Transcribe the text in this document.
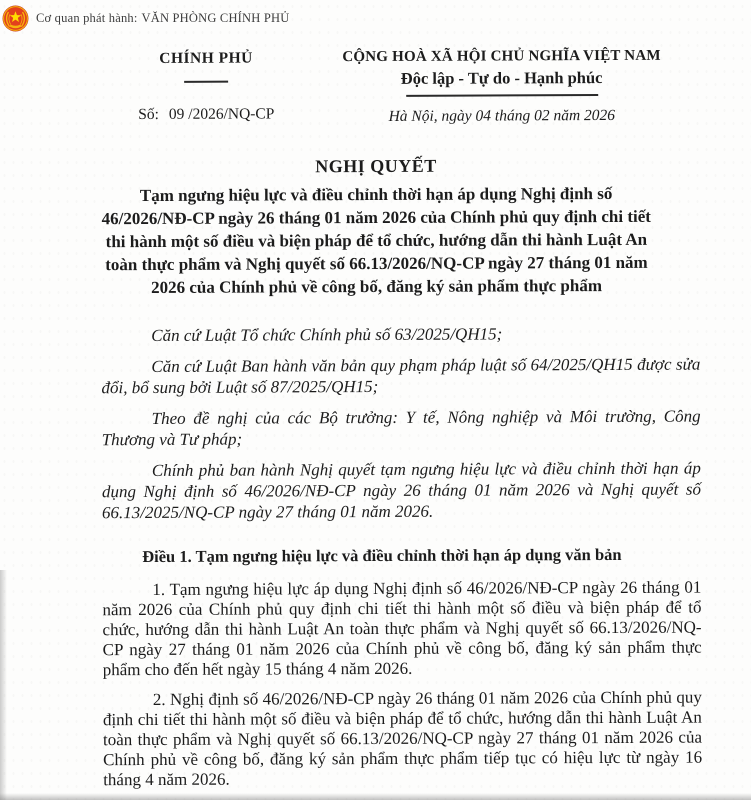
Cơ quan phát hành: VĂN PHÒNG CHÍNH PHỦ
CHÍNH PHỦ
Số: 09 /2026/NQ-CP
CỘNG HOÀ XÃ HỘI CHỦ NGHĨA VIỆT NAM
Độc lập - Tự do - Hạnh phúc
Hà Nội, ngày 04 tháng 02 năm 2026
NGHỊ QUYẾT
Tạm ngưng hiệu lực và điều chỉnh thời hạn áp dụng Nghị định số
46/2026/NĐ-CP ngày 26 tháng 01 năm 2026 của Chính phủ quy định chi tiết
thi hành một số điều và biện pháp để tổ chức, hướng dẫn thi hành Luật An
toàn thực phẩm và Nghị quyết số 66.13/2026/NQ-CP ngày 27 tháng 01 năm
2026 của Chính phủ về công bố, đăng ký sản phẩm thực phẩm

Căn cứ Luật Tổ chức Chính phủ số 63/2025/QH15;

Căn cứ Luật Ban hành văn bản quy phạm pháp luật số 64/2025/QH15 được sửa đổi, bổ sung bởi Luật số 87/2025/QH15;

Theo đề nghị của các Bộ trưởng: Y tế, Nông nghiệp và Môi trường, Công Thương và Tư pháp;

Chính phủ ban hành Nghị quyết tạm ngưng hiệu lực và điều chỉnh thời hạn áp dụng Nghị định số 46/2026/NĐ-CP ngày 26 tháng 01 năm 2026 và Nghị quyết số 66.13/2025/NQ-CP ngày 27 tháng 01 năm 2026.

Điều 1. Tạm ngưng hiệu lực và điều chỉnh thời hạn áp dụng văn bản

1. Tạm ngưng hiệu lực áp dụng Nghị định số 46/2026/NĐ-CP ngày 26 tháng 01 năm 2026 của Chính phủ quy định chi tiết thi hành một số điều và biện pháp để tổ chức, hướng dẫn thi hành Luật An toàn thực phẩm và Nghị quyết số 66.13/2026/NQ-CP ngày 27 tháng 01 năm 2026 của Chính phủ về công bố, đăng ký sản phẩm thực phẩm cho đến hết ngày 15 tháng 4 năm 2026.

2. Nghị định số 46/2026/NĐ-CP ngày 26 tháng 01 năm 2026 của Chính phủ quy định chi tiết thi hành một số điều và biện pháp để tổ chức, hướng dẫn thi hành Luật An toàn thực phẩm và Nghị quyết số 66.13/2026/NQ-CP ngày 27 tháng 01 năm 2026 của Chính phủ về công bố, đăng ký sản phẩm thực phẩm tiếp tục có hiệu lực từ ngày 16 tháng 4 năm 2026.
